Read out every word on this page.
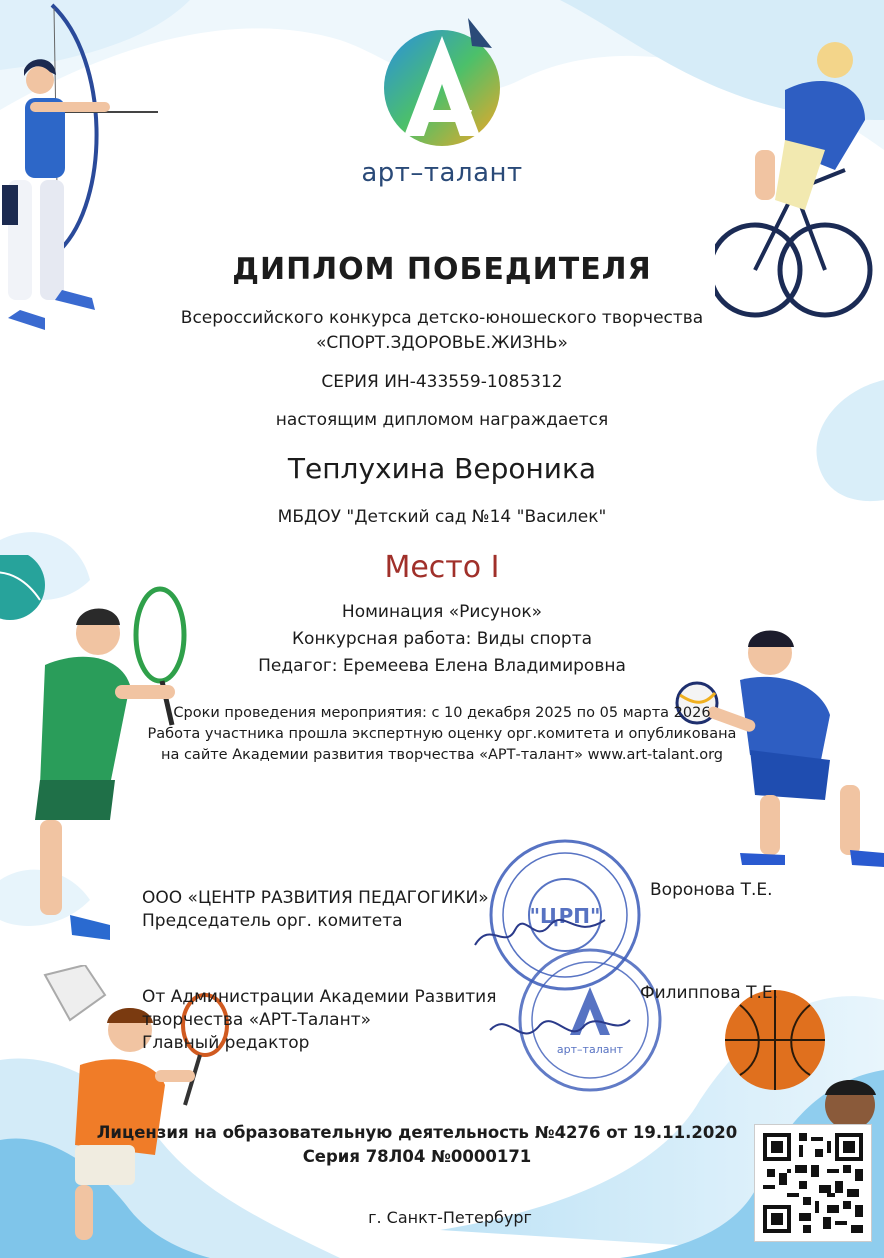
арт–талант
ДИПЛОМ ПОБЕДИТЕЛЯ
Всероссийского конкурса детско-юношеского творчества
«СПОРТ.ЗДОРОВЬЕ.ЖИЗНЬ»
СЕРИЯ ИН-433559-1085312
настоящим дипломом награждается
Теплухина Вероника
МБДОУ "Детский сад №14 "Василек"
Место I
Номинация «Рисунок»
Конкурсная работа: Виды спорта
Педагог: Еремеева Елена Владимировна
Сроки проведения мероприятия: с 10 декабря 2025 по 05 марта 2026
Работа участника прошла экспертную оценку орг.комитета и опубликована
на сайте Академии развития творчества «АРТ-талант» www.art-talant.org
"ЦРП"
арт–талант
ООО «ЦЕНТР РАЗВИТИЯ ПЕДАГОГИКИ»
Председатель орг. комитета
Воронова Т.Е.
От Администрации Академии Развития
творчества «АРТ-Талант»
Главный редактор
Филиппова Т.Е.
Лицензия на образовательную деятельность №4276 от 19.11.2020
Серия 78Л04 №0000171
г. Санкт-Петербург
